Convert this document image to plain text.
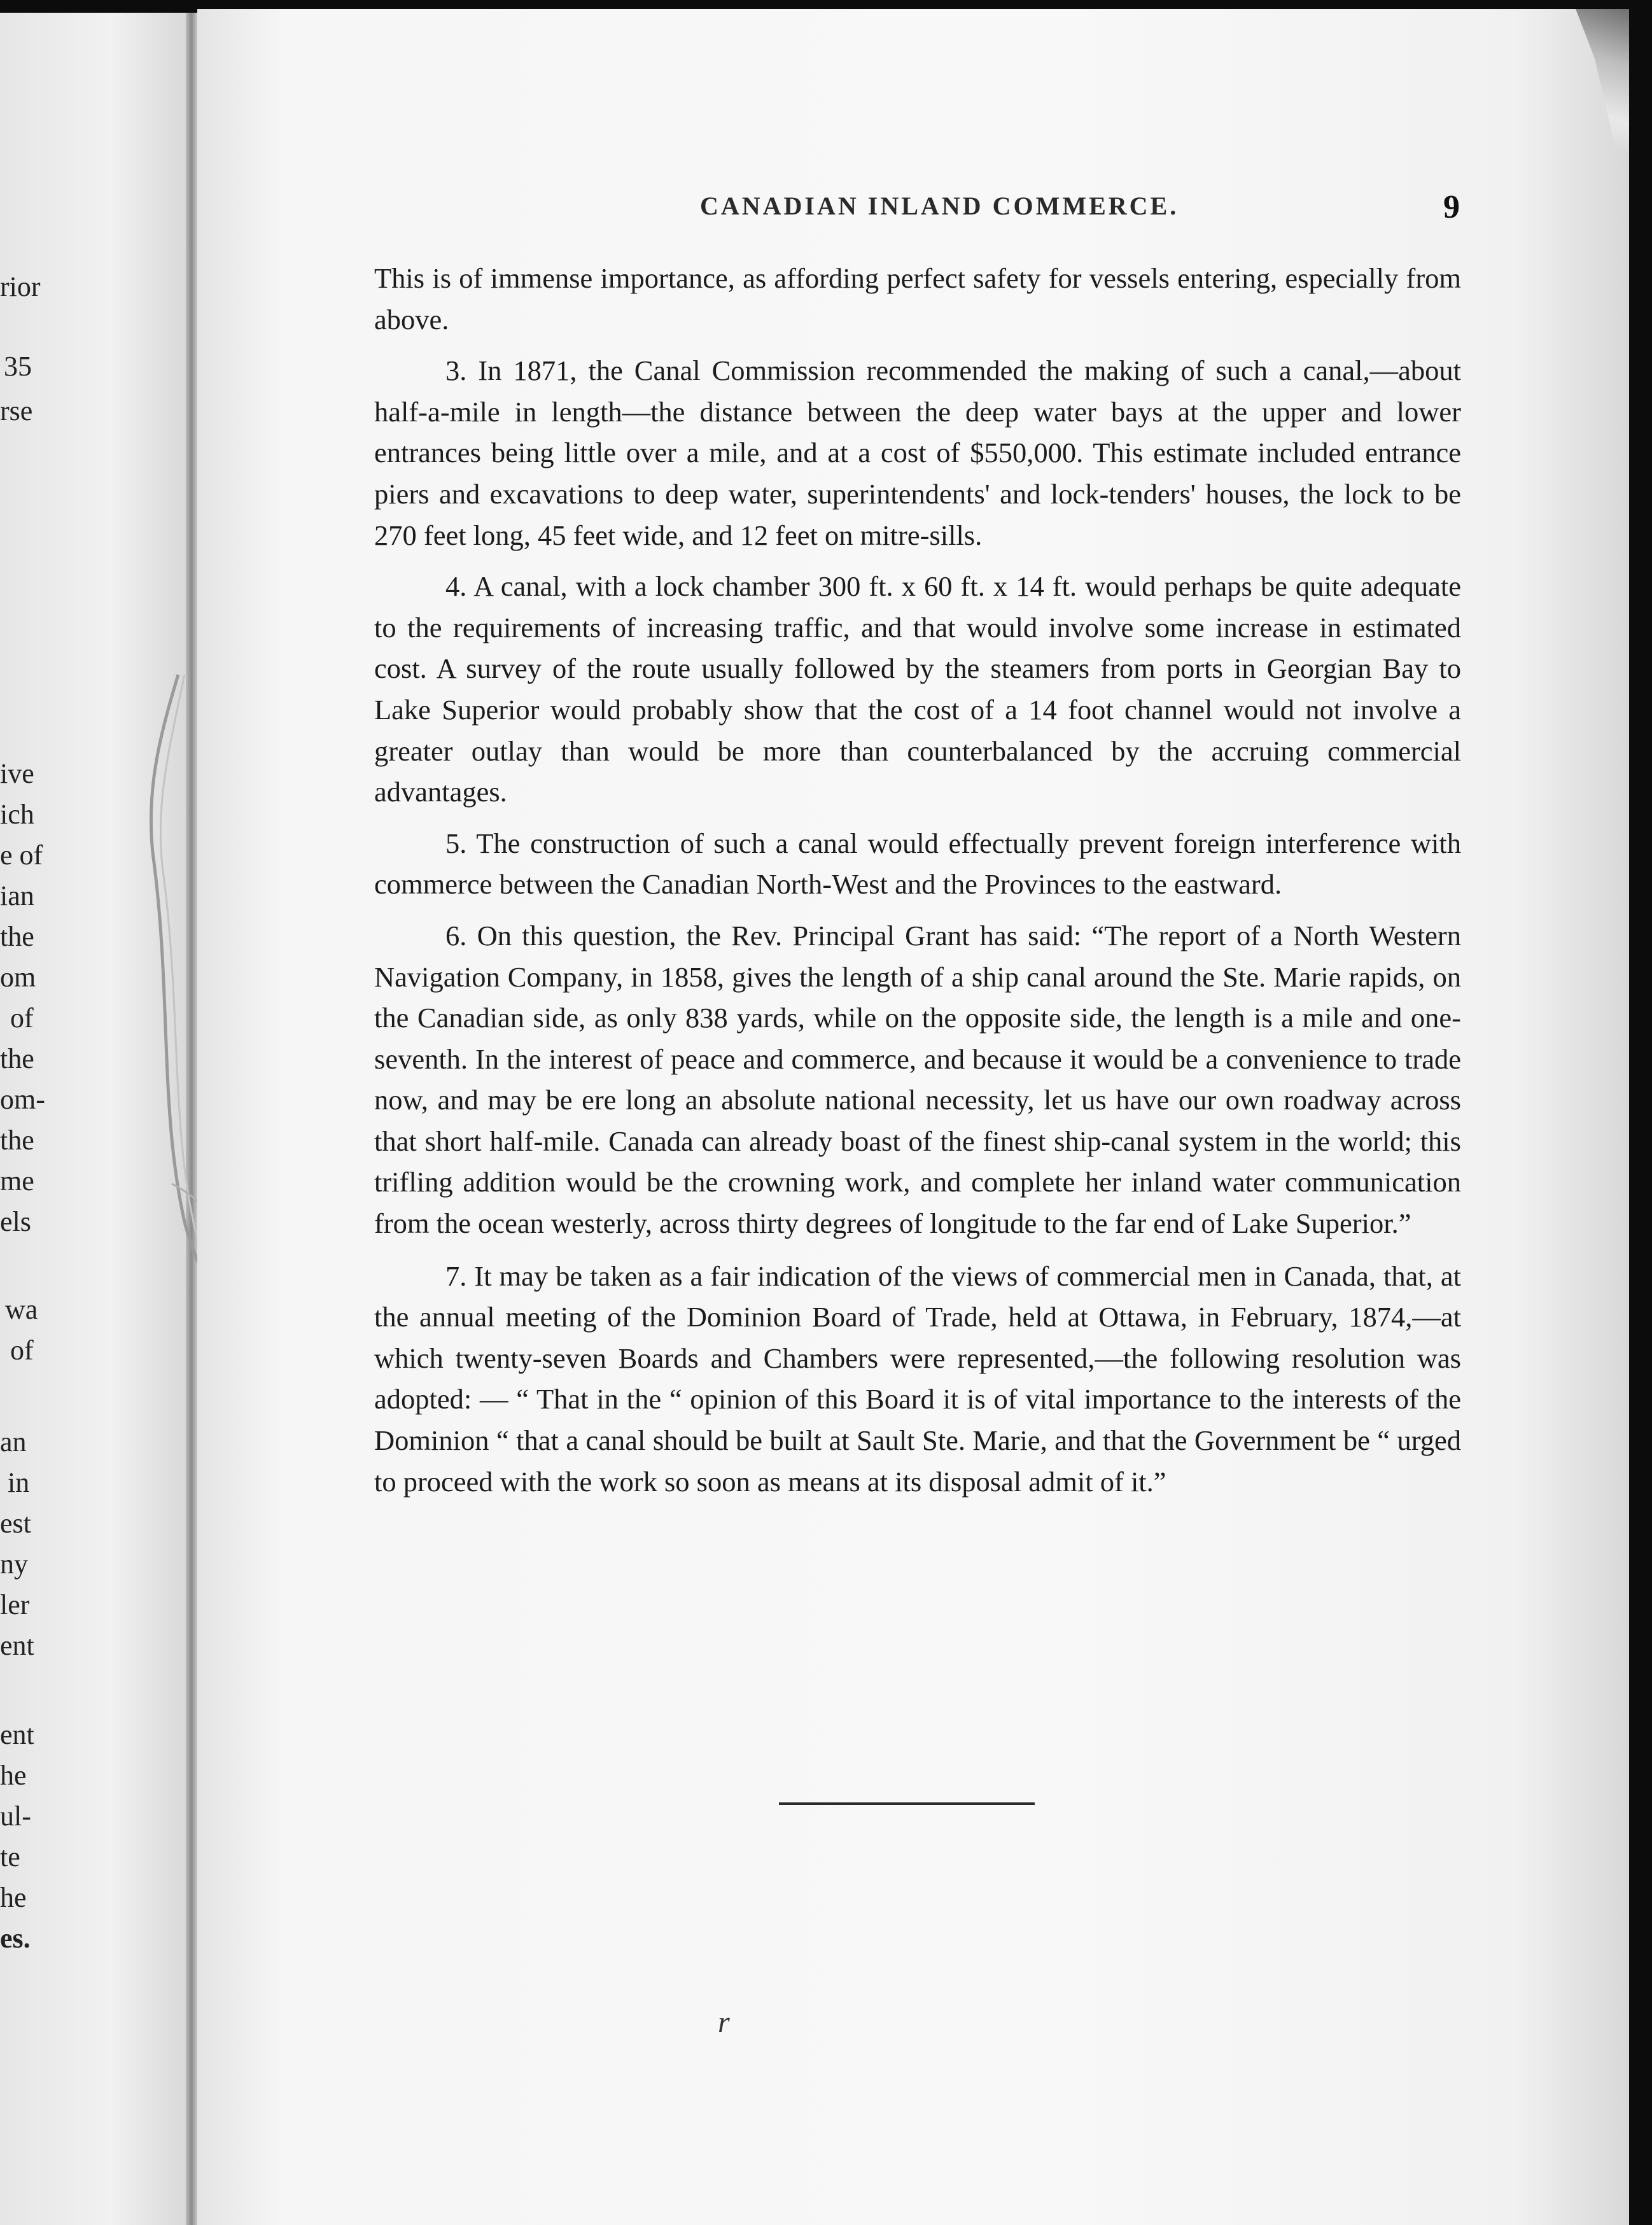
rior
35
rse
ive
ich
e of
ian
the
om
of
the
om-
the
me
els
wa
of
an
in
est
ny
ler
ent
ent
he
ul-
te
he
es.
CANADIAN INLAND COMMERCE.	9

This is of immense importance, as affording perfect safety for vessels entering, especially from above.

3. In 1871, the Canal Commission recommended the making of such a canal,—about half-a-mile in length—the distance between the deep water bays at the upper and lower entrances being little over a mile, and at a cost of $550,000. This estimate included entrance piers and excavations to deep water, superintendents' and lock-tenders' houses, the lock to be 270 feet long, 45 feet wide, and 12 feet on mitre-sills.

4. A canal, with a lock chamber 300 ft. x 60 ft. x 14 ft. would perhaps be quite adequate to the requirements of increasing traffic, and that would involve some increase in estimated cost. A survey of the route usually followed by the steamers from ports in Georgian Bay to Lake Superior would probably show that the cost of a 14 foot channel would not involve a greater outlay than would be more than counterbalanced by the accruing commercial advantages.

5. The construction of such a canal would effectually prevent foreign interference with commerce between the Canadian North-West and the Provinces to the eastward.

6. On this question, the Rev. Principal Grant has said: “The report of a North Western Navigation Company, in 1858, gives the length of a ship canal around the Ste. Marie rapids, on the Canadian side, as only 838 yards, while on the opposite side, the length is a mile and one-seventh. In the interest of peace and commerce, and because it would be a convenience to trade now, and may be ere long an absolute national necessity, let us have our own roadway across that short half-mile. Canada can already boast of the finest ship-canal system in the world; this trifling addition would be the crowning work, and complete her inland water communication from the ocean westerly, across thirty degrees of longitude to the far end of Lake Superior.”

7. It may be taken as a fair indication of the views of commercial men in Canada, that, at the annual meeting of the Dominion Board of Trade, held at Ottawa, in February, 1874,—at which twenty-seven Boards and Chambers were represented,—the following resolution was adopted: — “ That in the “ opinion of this Board it is of vital importance to the interests of the Dominion “ that a canal should be built at Sault Ste. Marie, and that the Government be “ urged to proceed with the work so soon as means at its disposal admit of it.”

r
